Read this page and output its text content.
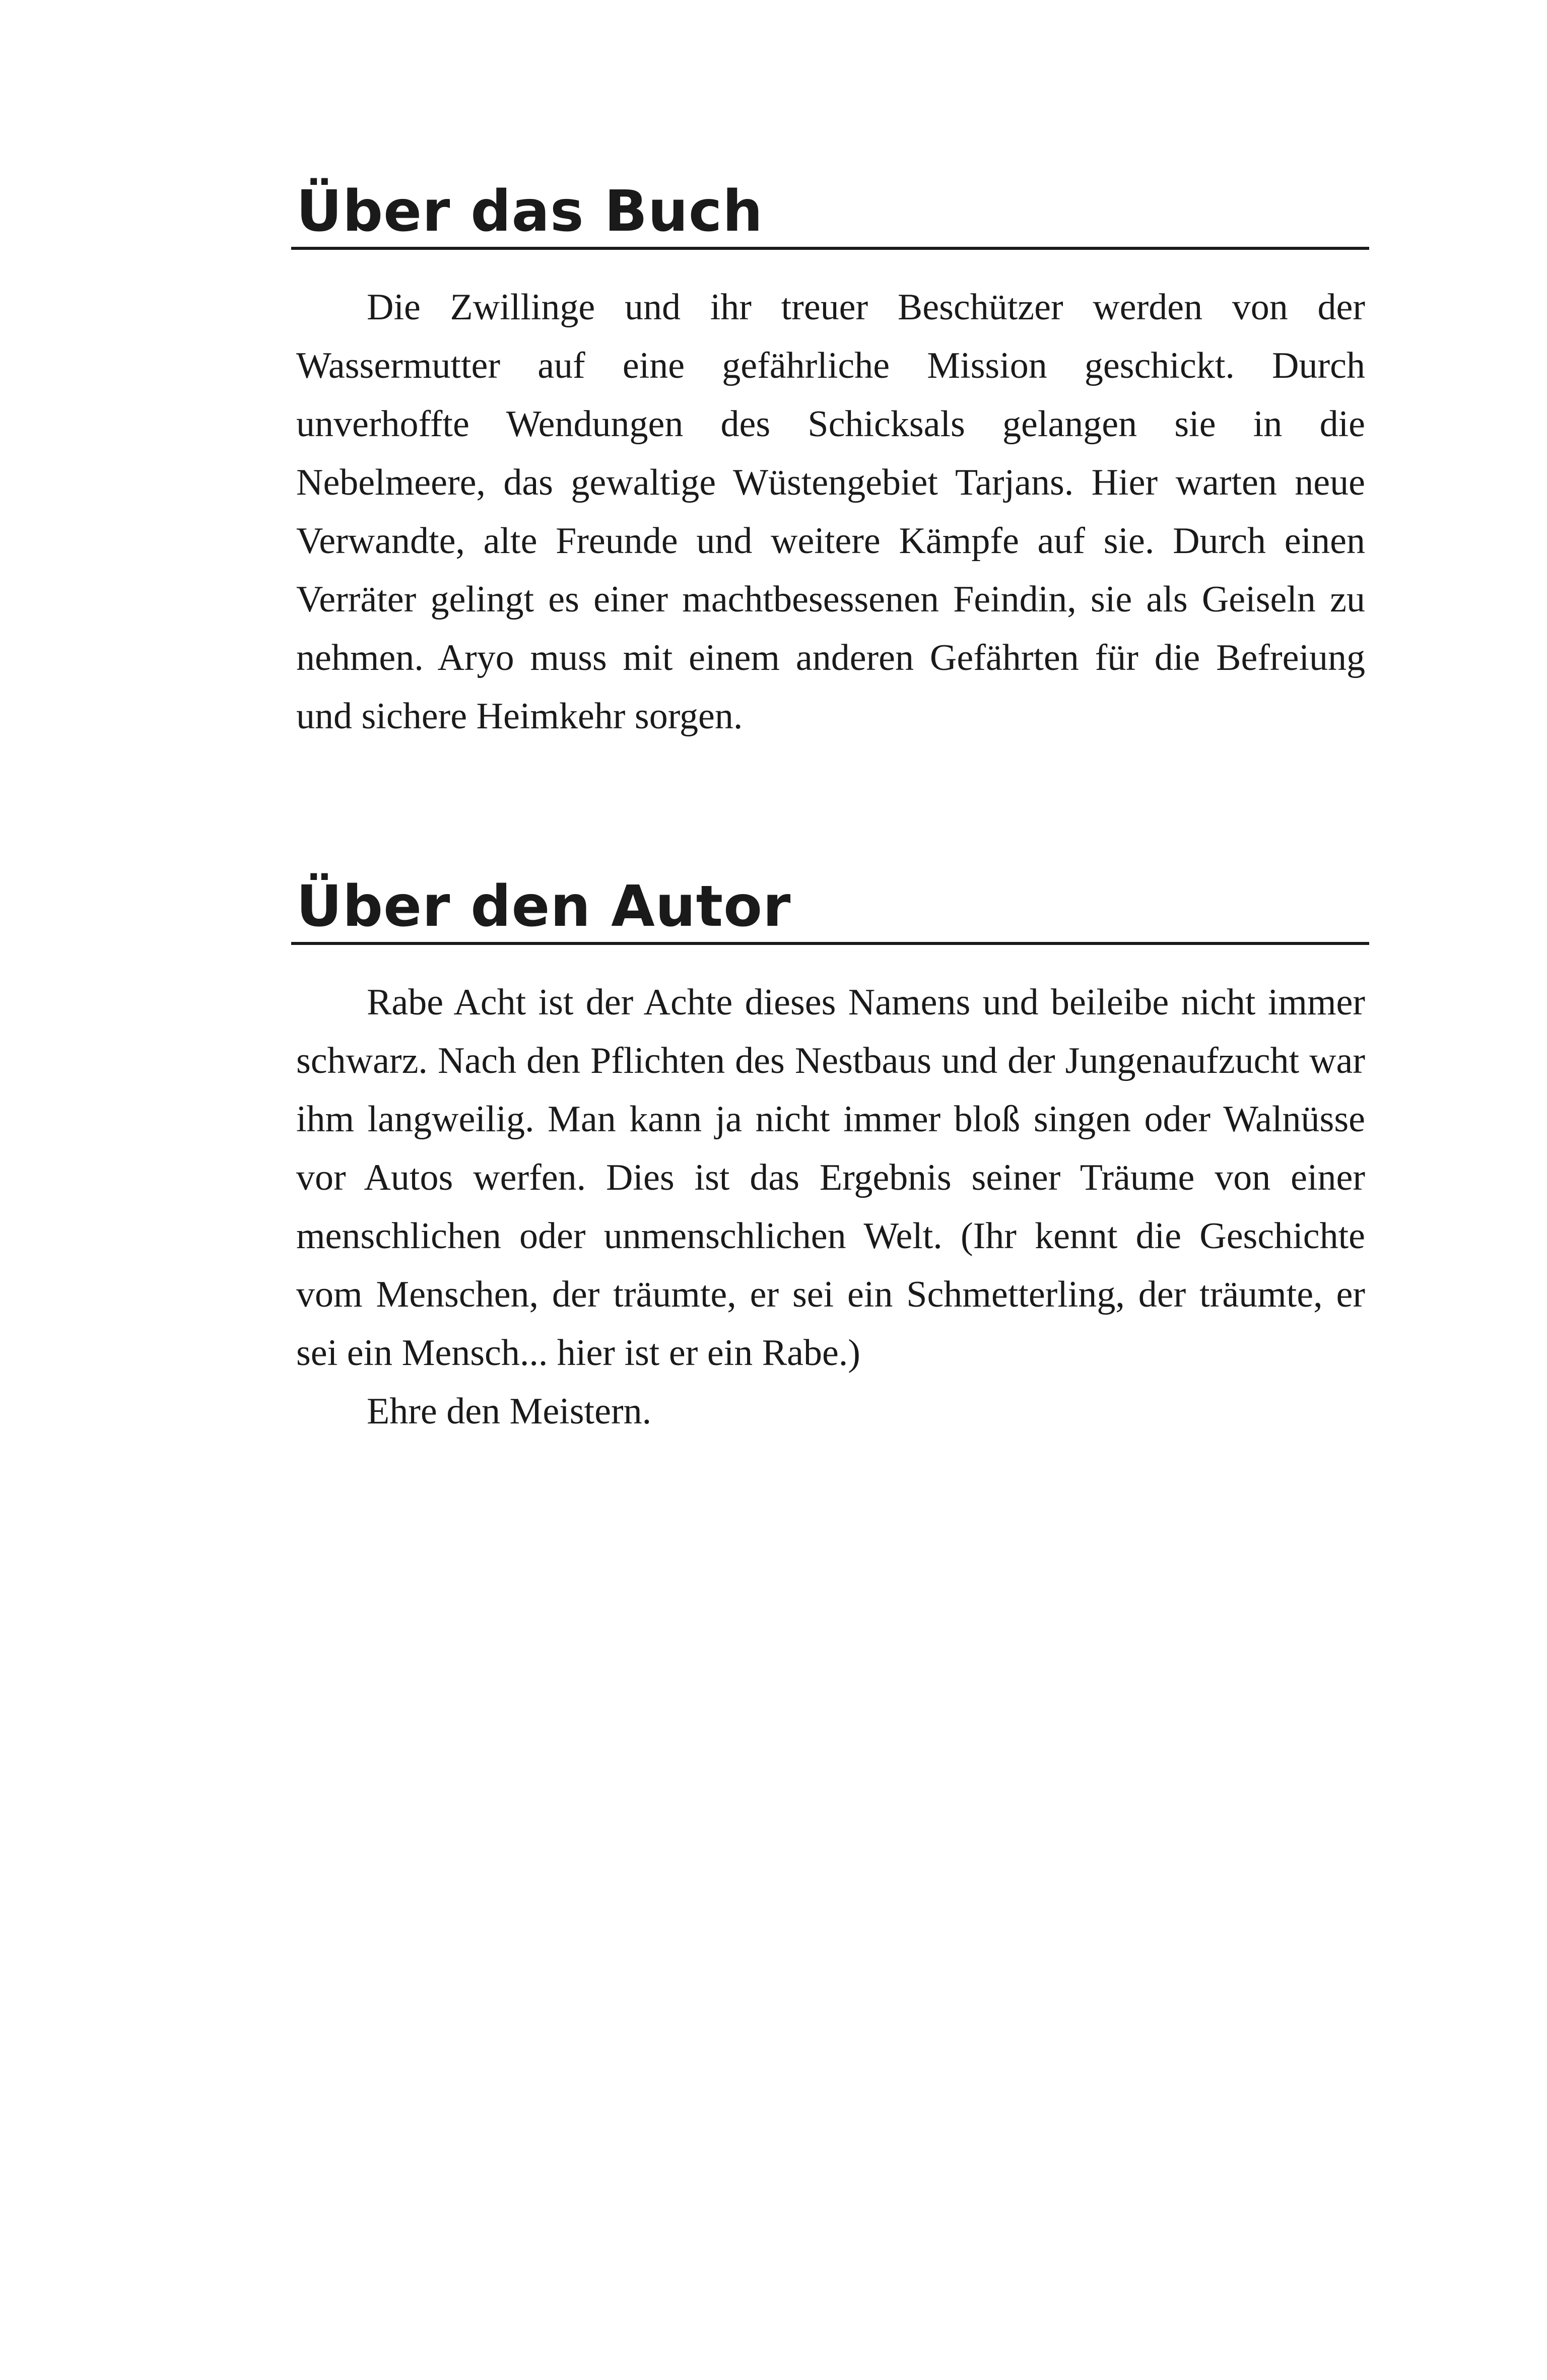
Über das Buch

Die Zwillinge und ihr treuer Beschützer werden von der Wassermutter auf eine gefährliche Mission geschickt. Durch unverhoffte Wendungen des Schicksals gelangen sie in die Nebelmeere, das gewaltige Wüstengebiet Tarjans. Hier warten neue Verwandte, alte Freunde und weitere Kämpfe auf sie. Durch einen Verräter gelingt es einer machtbesessenen Feindin, sie als Geiseln zu nehmen. Aryo muss mit einem anderen Gefährten für die Befreiung und sichere Heimkehr sorgen.

Über den Autor

Rabe Acht ist der Achte dieses Namens und beileibe nicht immer schwarz. Nach den Pflichten des Nestbaus und der Jungenaufzucht war ihm langweilig. Man kann ja nicht immer bloß singen oder Walnüsse vor Autos werfen. Dies ist das Ergebnis seiner Träume von einer menschlichen oder unmenschlichen Welt. (Ihr kennt die Geschichte vom Menschen, der träumte, er sei ein Schmetterling, der träumte, er sei ein Mensch... hier ist er ein Rabe.)

Ehre den Meistern.
